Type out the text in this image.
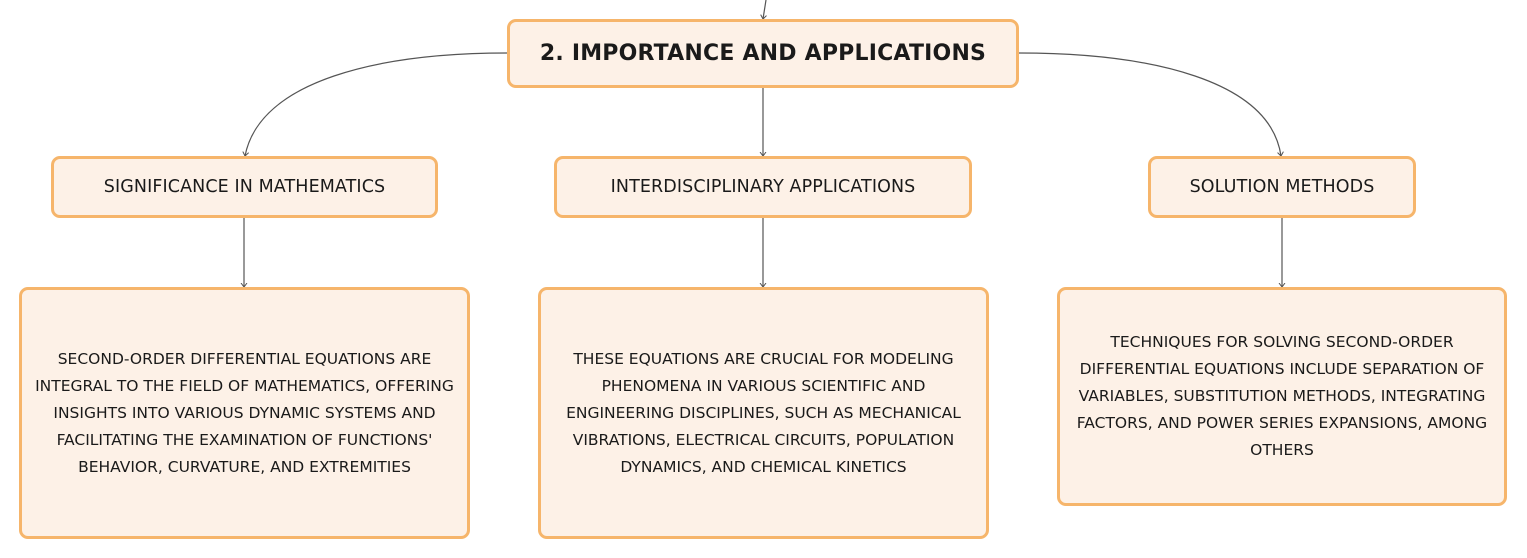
2. IMPORTANCE AND APPLICATIONS
SIGNIFICANCE IN MATHEMATICS	INTERDISCIPLINARY APPLICATIONS	SOLUTION METHODS
SECOND-ORDER DIFFERENTIAL EQUATIONS ARE INTEGRAL TO THE FIELD OF MATHEMATICS, OFFERING INSIGHTS INTO VARIOUS DYNAMIC SYSTEMS AND FACILITATING THE EXAMINATION OF FUNCTIONS' BEHAVIOR, CURVATURE, AND EXTREMITIES
THESE EQUATIONS ARE CRUCIAL FOR MODELING PHENOMENA IN VARIOUS SCIENTIFIC AND ENGINEERING DISCIPLINES, SUCH AS MECHANICAL VIBRATIONS, ELECTRICAL CIRCUITS, POPULATION DYNAMICS, AND CHEMICAL KINETICS
TECHNIQUES FOR SOLVING SECOND-ORDER DIFFERENTIAL EQUATIONS INCLUDE SEPARATION OF VARIABLES, SUBSTITUTION METHODS, INTEGRATING FACTORS, AND POWER SERIES EXPANSIONS, AMONG OTHERS
